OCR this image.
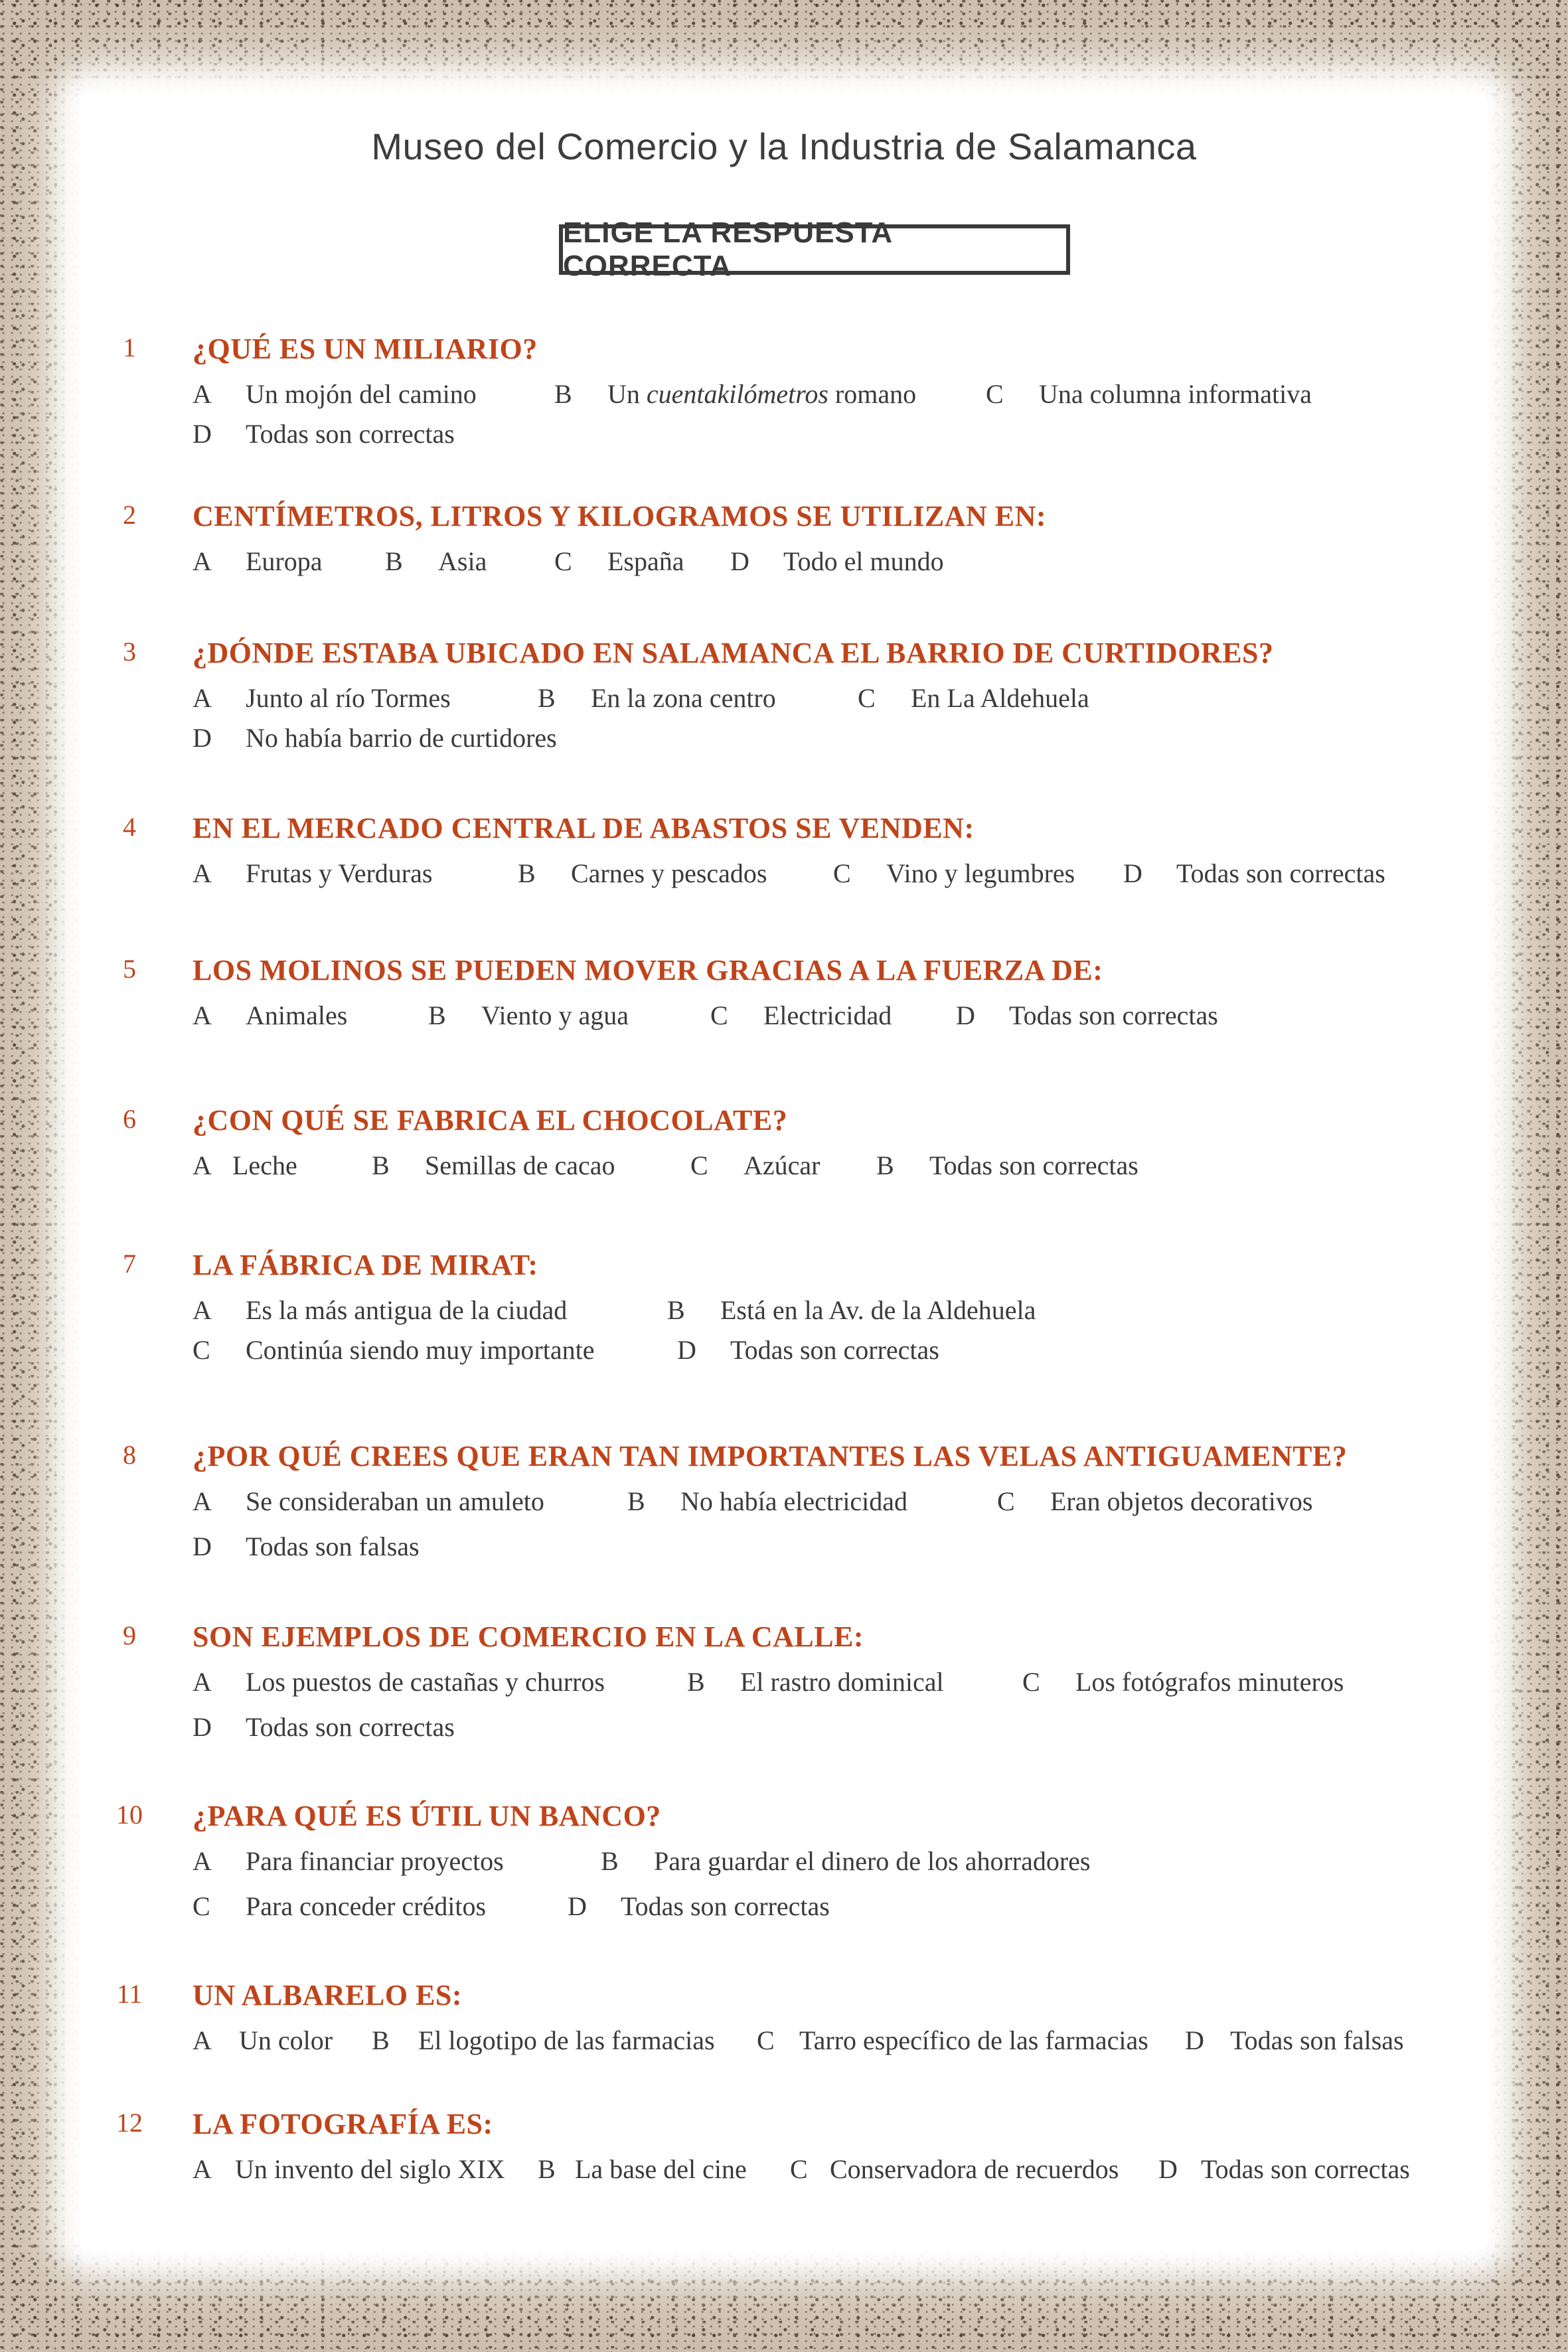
Museo del Comercio y la Industria de Salamanca
ELIGE LA RESPUESTA CORRECTA
1	¿QUÉ ES UN MILIARIO?
A Un mojón del camino	B Un cuentakilómetros romano	C Una columna informativa
D Todas son correctas
2	CENTÍMETROS, LITROS Y KILOGRAMOS SE UTILIZAN EN:
A Europa B Asia	C España D Todo el mundo
3	¿DÓNDE ESTABA UBICADO EN SALAMANCA EL BARRIO DE CURTIDORES?
A Junto al río Tormes	B En la zona centro	C En La Aldehuela
D No había barrio de curtidores
4	EN EL MERCADO CENTRAL DE ABASTOS SE VENDEN:
A Frutas y Verduras	B Carnes y pescados C Vino y legumbres D Todas son correctas
5	LOS MOLINOS SE PUEDEN MOVER GRACIAS A LA FUERZA DE:
A Animales	B Viento y agua	C Electricidad D Todas son correctas
6	¿CON QUÉ SE FABRICA EL CHOCOLATE?
A Leche	B Semillas de cacao	C Azúcar B Todas son correctas
7	LA FÁBRICA DE MIRAT:
A Es la más antigua de la ciudad	B Está en la Av. de la Aldehuela
C Continúa siendo muy importante	D Todas son correctas
8	¿POR QUÉ CREES QUE ERAN TAN IMPORTANTES LAS VELAS ANTIGUAMENTE?
A Se consideraban un amuleto	B No había electricidad	C Eran objetos decorativos
D Todas son falsas
9	SON EJEMPLOS DE COMERCIO EN LA CALLE:
A Los puestos de castañas y churros	B El rastro dominical	C Los fotógrafos minuteros
D Todas son correctas
10	¿PARA QUÉ ES ÚTIL UN BANCO?
A Para financiar proyectos	B Para guardar el dinero de los ahorradores
C Para conceder créditos	D Todas son correctas
11	UN ALBARELO ES:
A Un color B El logotipo de las farmacias C Tarro específico de las farmacias D Todas son falsas
12	LA FOTOGRAFÍA ES:
A Un invento del siglo XIX B La base del cine C Conservadora de recuerdos D Todas son correctas
